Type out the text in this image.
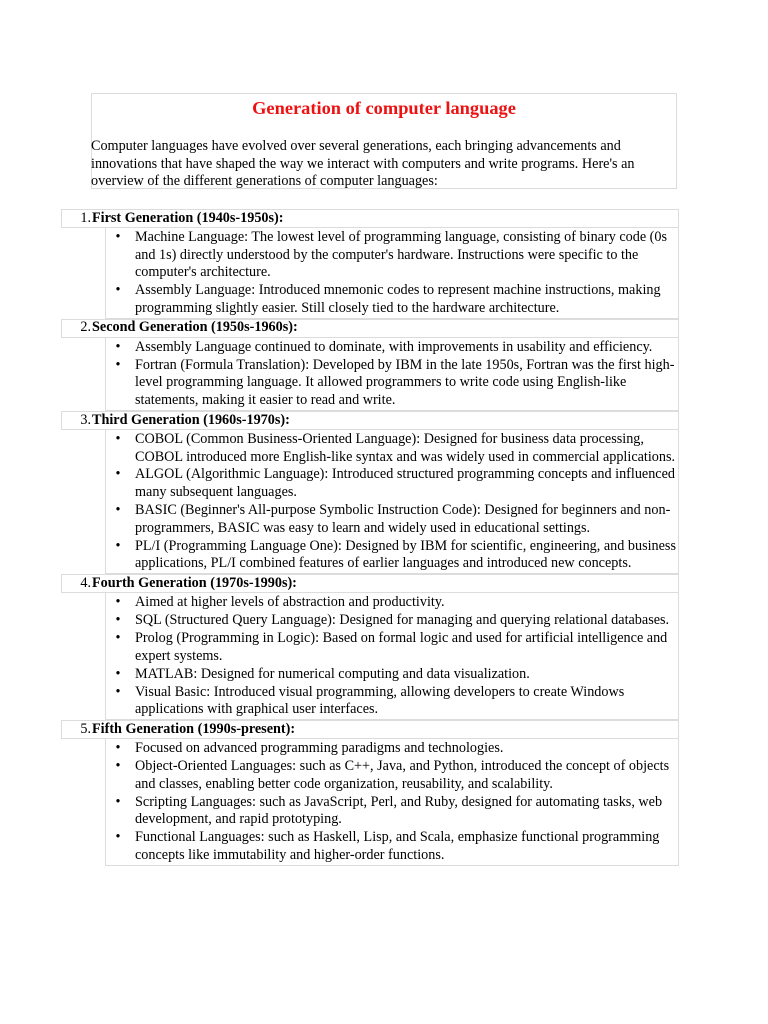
Generation of computer language

Computer languages have evolved over several generations, each bringing advancements and innovations that have shaped the way we interact with computers and write programs. Here's an overview of the different generations of computer languages:

1. First Generation (1940s-1950s):
• Machine Language: The lowest level of programming language, consisting of binary code (0s and 1s) directly understood by the computer's hardware. Instructions were specific to the computer's architecture.
• Assembly Language: Introduced mnemonic codes to represent machine instructions, making programming slightly easier. Still closely tied to the hardware architecture.
2. Second Generation (1950s-1960s):
• Assembly Language continued to dominate, with improvements in usability and efficiency.
• Fortran (Formula Translation): Developed by IBM in the late 1950s, Fortran was the first high-level programming language. It allowed programmers to write code using English-like statements, making it easier to read and write.
3. Third Generation (1960s-1970s):
• COBOL (Common Business-Oriented Language): Designed for business data processing, COBOL introduced more English-like syntax and was widely used in commercial applications.
• ALGOL (Algorithmic Language): Introduced structured programming concepts and influenced many subsequent languages.
• BASIC (Beginner's All-purpose Symbolic Instruction Code): Designed for beginners and non-programmers, BASIC was easy to learn and widely used in educational settings.
• PL/I (Programming Language One): Designed by IBM for scientific, engineering, and business applications, PL/I combined features of earlier languages and introduced new concepts.
4. Fourth Generation (1970s-1990s):
• Aimed at higher levels of abstraction and productivity.
• SQL (Structured Query Language): Designed for managing and querying relational databases.
• Prolog (Programming in Logic): Based on formal logic and used for artificial intelligence and expert systems.
• MATLAB: Designed for numerical computing and data visualization.
• Visual Basic: Introduced visual programming, allowing developers to create Windows applications with graphical user interfaces.
5. Fifth Generation (1990s-present):
• Focused on advanced programming paradigms and technologies.
• Object-Oriented Languages: such as C++, Java, and Python, introduced the concept of objects and classes, enabling better code organization, reusability, and scalability.
• Scripting Languages: such as JavaScript, Perl, and Ruby, designed for automating tasks, web development, and rapid prototyping.
• Functional Languages: such as Haskell, Lisp, and Scala, emphasize functional programming concepts like immutability and higher-order functions.
